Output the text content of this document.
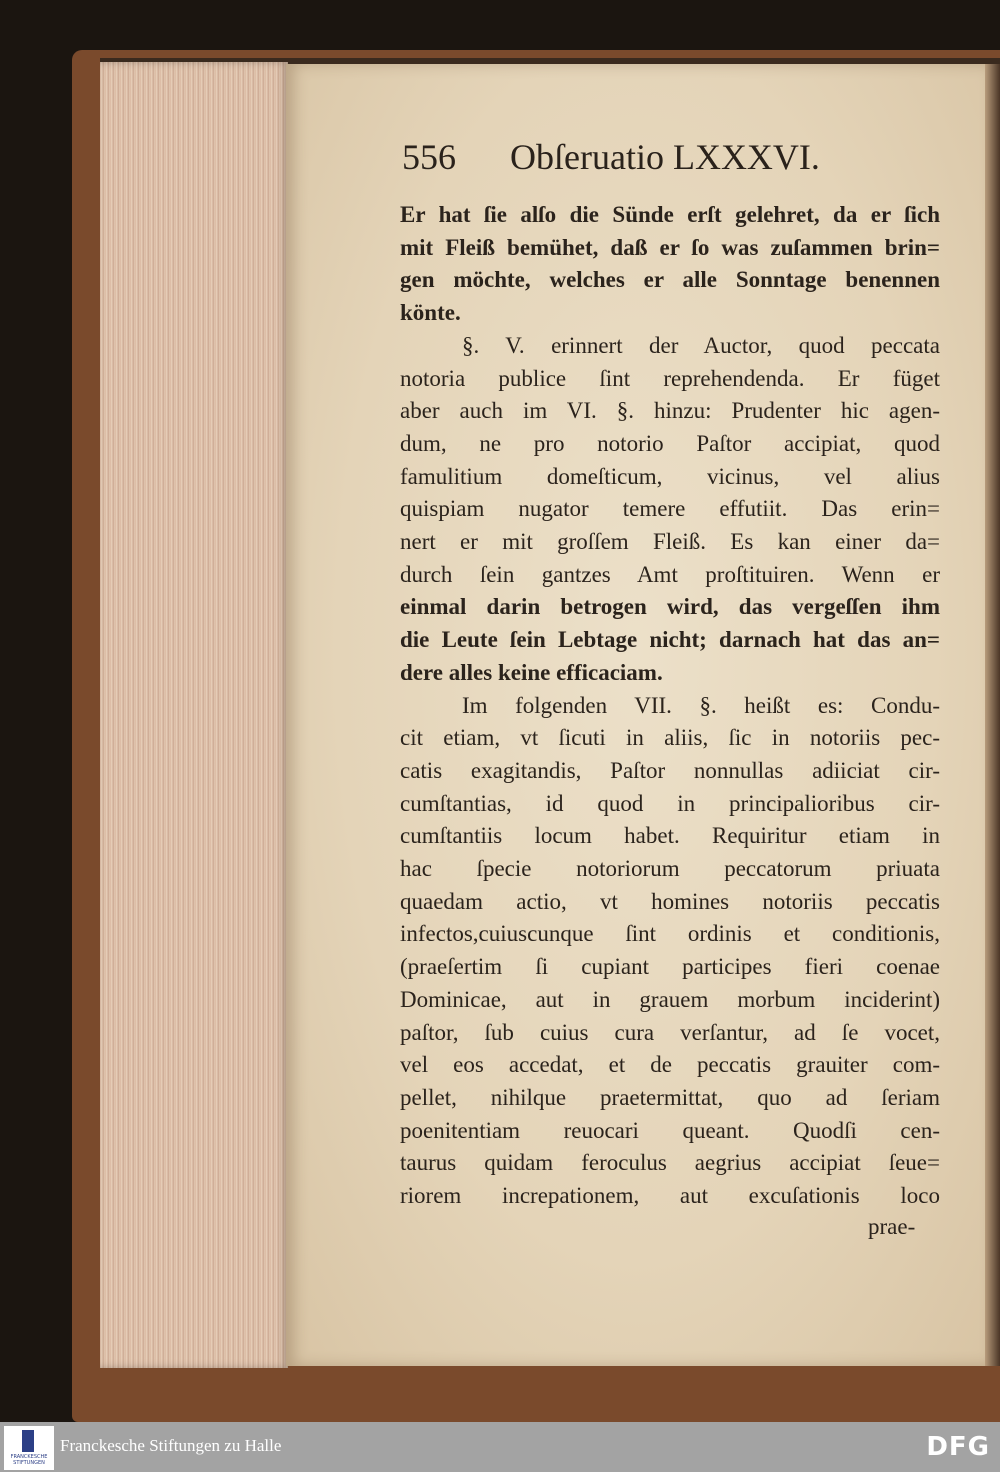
556 Obſeruatio LXXXVI.
Er hat ſie alſo die Sünde erſt gelehret, da er ſich
mit Fleiß bemühet, daß er ſo was zuſammen brin=
gen möchte, welches er alle Sonntage benennen
könte.
§. V. erinnert der Auctor, quod peccata
notoria publice ſint reprehendenda. Er füget
aber auch im VI. §. hinzu: Prudenter hic agen-
dum, ne pro notorio Paſtor accipiat, quod
famulitium domeſticum, vicinus, vel alius
quispiam nugator temere effutiit. Das erin=
nert er mit groſſem Fleiß. Es kan einer da=
durch ſein gantzes Amt proſtituiren. Wenn er
einmal darin betrogen wird, das vergeſſen ihm
die Leute ſein Lebtage nicht; darnach hat das an=
dere alles keine efficaciam.
Im folgenden VII. §. heißt es: Condu-
cit etiam, vt ſicuti in aliis, ſic in notoriis pec-
catis exagitandis, Paſtor nonnullas adiiciat cir-
cumſtantias, id quod in principalioribus cir-
cumſtantiis locum habet. Requiritur etiam in
hac ſpecie notoriorum peccatorum priuata
quaedam actio, vt homines notoriis peccatis
infectos,cuiuscunque ſint ordinis et conditionis,
(praeſertim ſi cupiant participes fieri coenae
Dominicae, aut in grauem morbum inciderint)
paſtor, ſub cuius cura verſantur, ad ſe vocet,
vel eos accedat, et de peccatis grauiter com-
pellet, nihilque praetermittat, quo ad ſeriam
poenitentiam reuocari queant. Quodſi cen-
taurus quidam feroculus aegrius accipiat ſeue=
riorem increpationem, aut excuſationis loco
prae-
FRANCKESCHE STIFTUNGEN
Franckesche Stiftungen zu Halle	DFG
